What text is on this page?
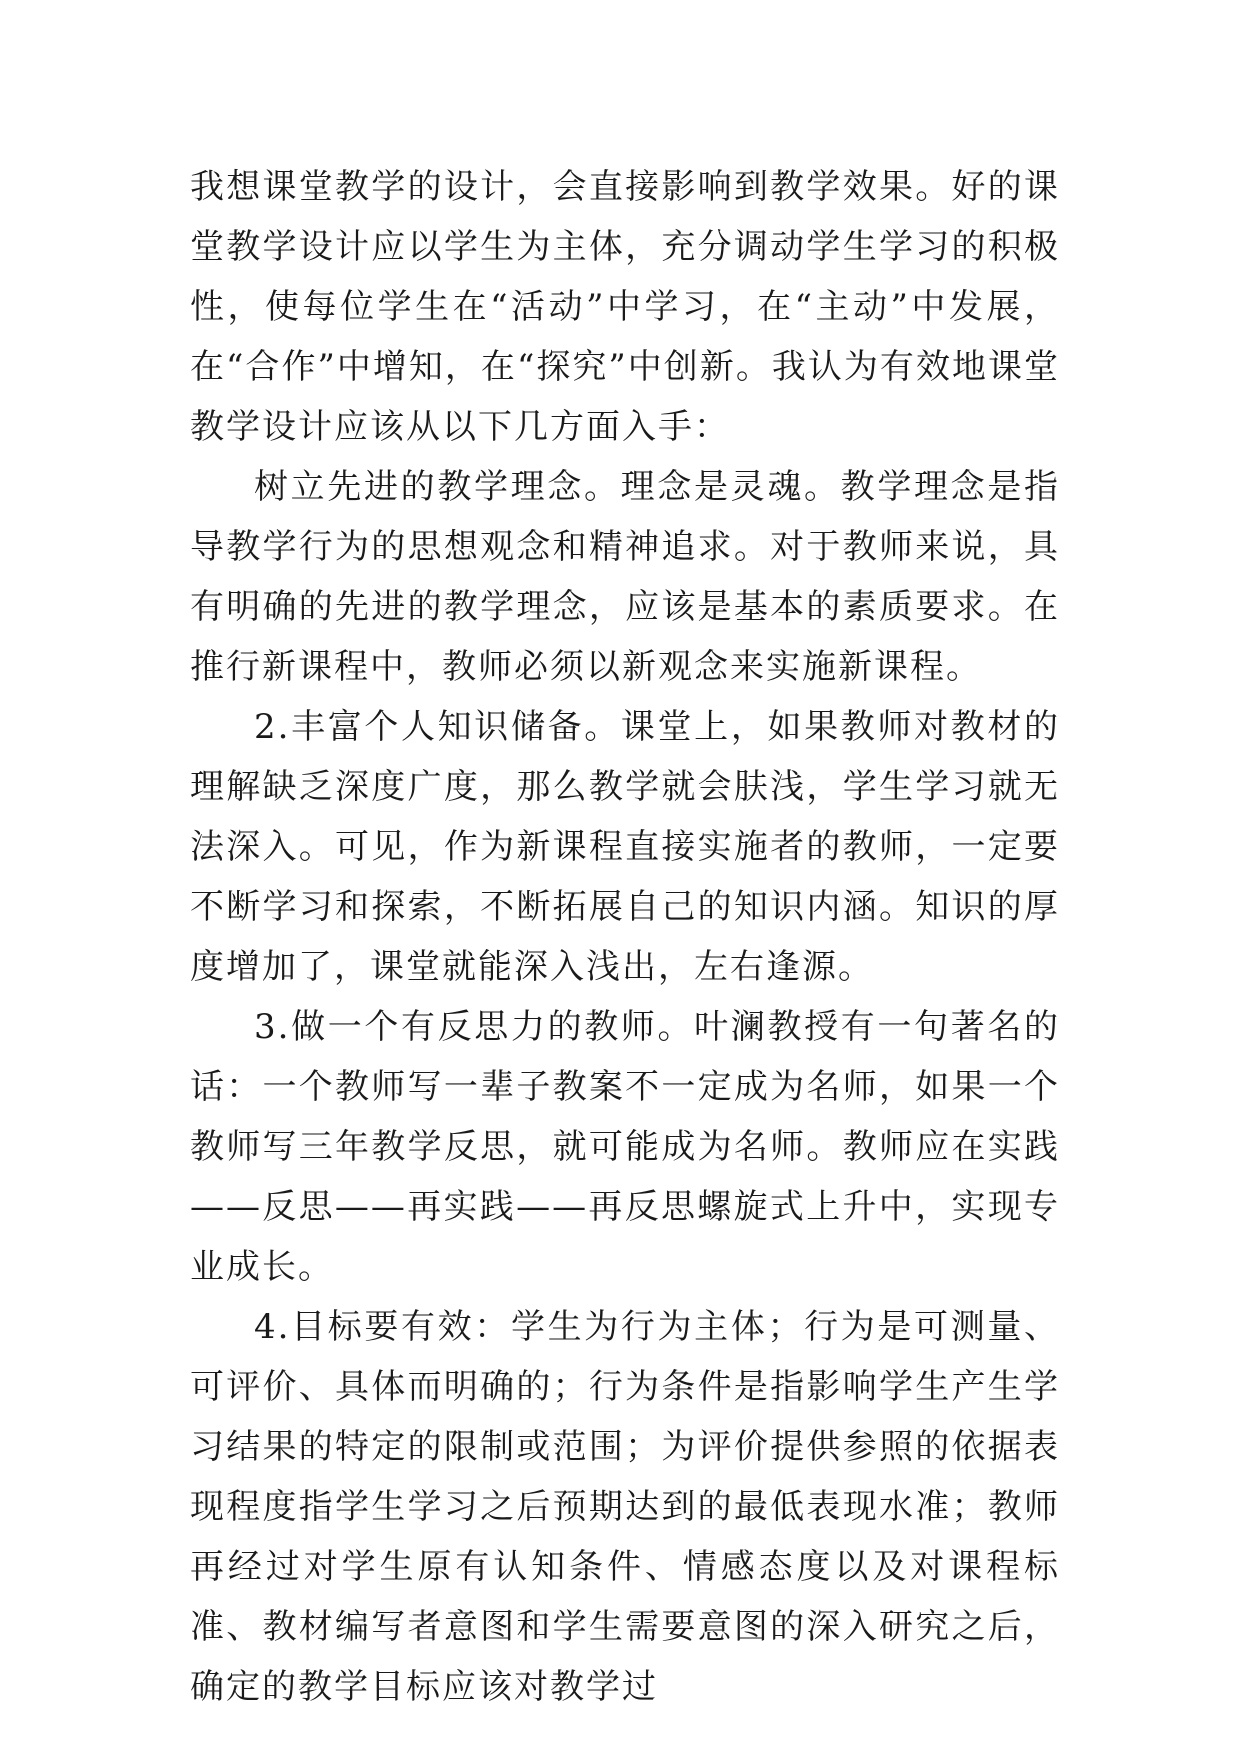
我想课堂教学的设计，会直接影响到教学效果。好的课堂教学设计应以学生为主体，充分调动学生学习的积极性，使每位学生在“活动”中学习，在“主动”中发展，在“合作”中增知，在“探究”中创新。我认为有效地课堂教学设计应该从以下几方面入手：

树立先进的教学理念。理念是灵魂。教学理念是指导教学行为的思想观念和精神追求。对于教师来说，具有明确的先进的教学理念，应该是基本的素质要求。在推行新课程中，教师必须以新观念来实施新课程。

2.丰富个人知识储备。课堂上，如果教师对教材的理解缺乏深度广度，那么教学就会肤浅，学生学习就无法深入。可见，作为新课程直接实施者的教师，一定要不断学习和探索，不断拓展自己的知识内涵。知识的厚度增加了，课堂就能深入浅出，左右逢源。

3.做一个有反思力的教师。叶澜教授有一句著名的话：一个教师写一辈子教案不一定成为名师，如果一个教师写三年教学反思，就可能成为名师。教师应在实践——反思——再实践——再反思螺旋式上升中，实现专业成长。

4.目标要有效：学生为行为主体；行为是可测量、可评价、具体而明确的；行为条件是指影响学生产生学习结果的特定的限制或范围；为评价提供参照的依据表现程度指学生学习之后预期达到的最低表现水准；教师再经过对学生原有认知条件、情感态度以及对课程标准、教材编写者意图和学生需要意图的深入研究之后，确定的教学目标应该对教学过
